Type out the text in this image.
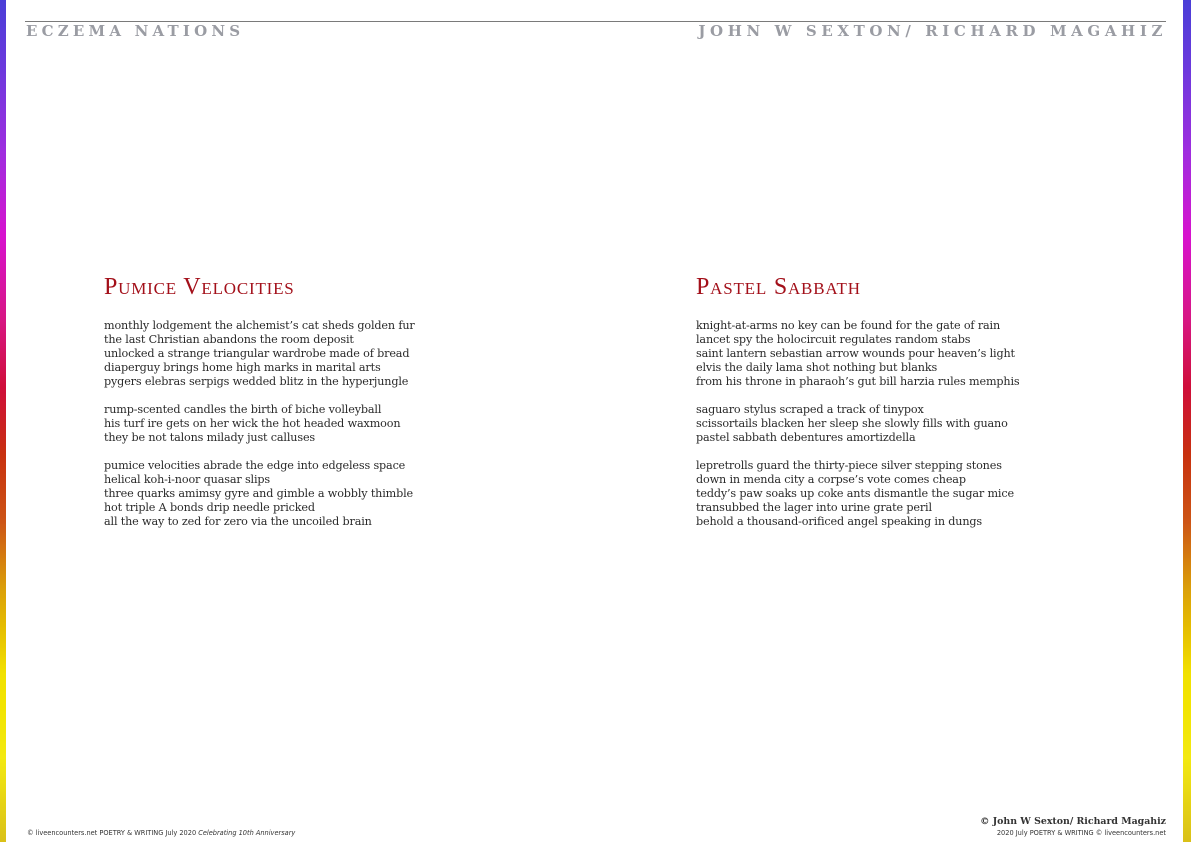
ECZEMA NATIONS	JOHN W SEXTON/ RICHARD MAGAHIZ
Pumice Velocities
monthly lodgement the alchemist’s cat sheds golden fur
the last Christian abandons the room deposit
unlocked a strange triangular wardrobe made of bread
diaperguy brings home high marks in marital arts
pygers elebras serpigs wedded blitz in the hyperjungle
rump-scented candles the birth of biche volleyball
his turf ire gets on her wick the hot headed waxmoon
they be not talons milady just calluses
pumice velocities abrade the edge into edgeless space
helical koh-i-noor quasar slips
three quarks amimsy gyre and gimble a wobbly thimble
hot triple A bonds drip needle pricked
all the way to zed for zero via the uncoiled brain
Pastel Sabbath
knight-at-arms no key can be found for the gate of rain
lancet spy the holocircuit regulates random stabs
saint lantern sebastian arrow wounds pour heaven’s light
elvis the daily lama shot nothing but blanks
from his throne in pharaoh’s gut bill harzia rules memphis
saguaro stylus scraped a track of tinypox
scissortails blacken her sleep she slowly fills with guano
pastel sabbath debentures amortizdella
lepretrolls guard the thirty-piece silver stepping stones
down in menda city a corpse’s vote comes cheap
teddy’s paw soaks up coke ants dismantle the sugar mice
transubbed the lager into urine grate peril
behold a thousand-orificed angel speaking in dungs
© liveencounters.net POETRY & WRITING July 2020 Celebrating 10th Anniversary
© John W Sexton/ Richard Magahiz
2020 July POETRY & WRITING © liveencounters.net
